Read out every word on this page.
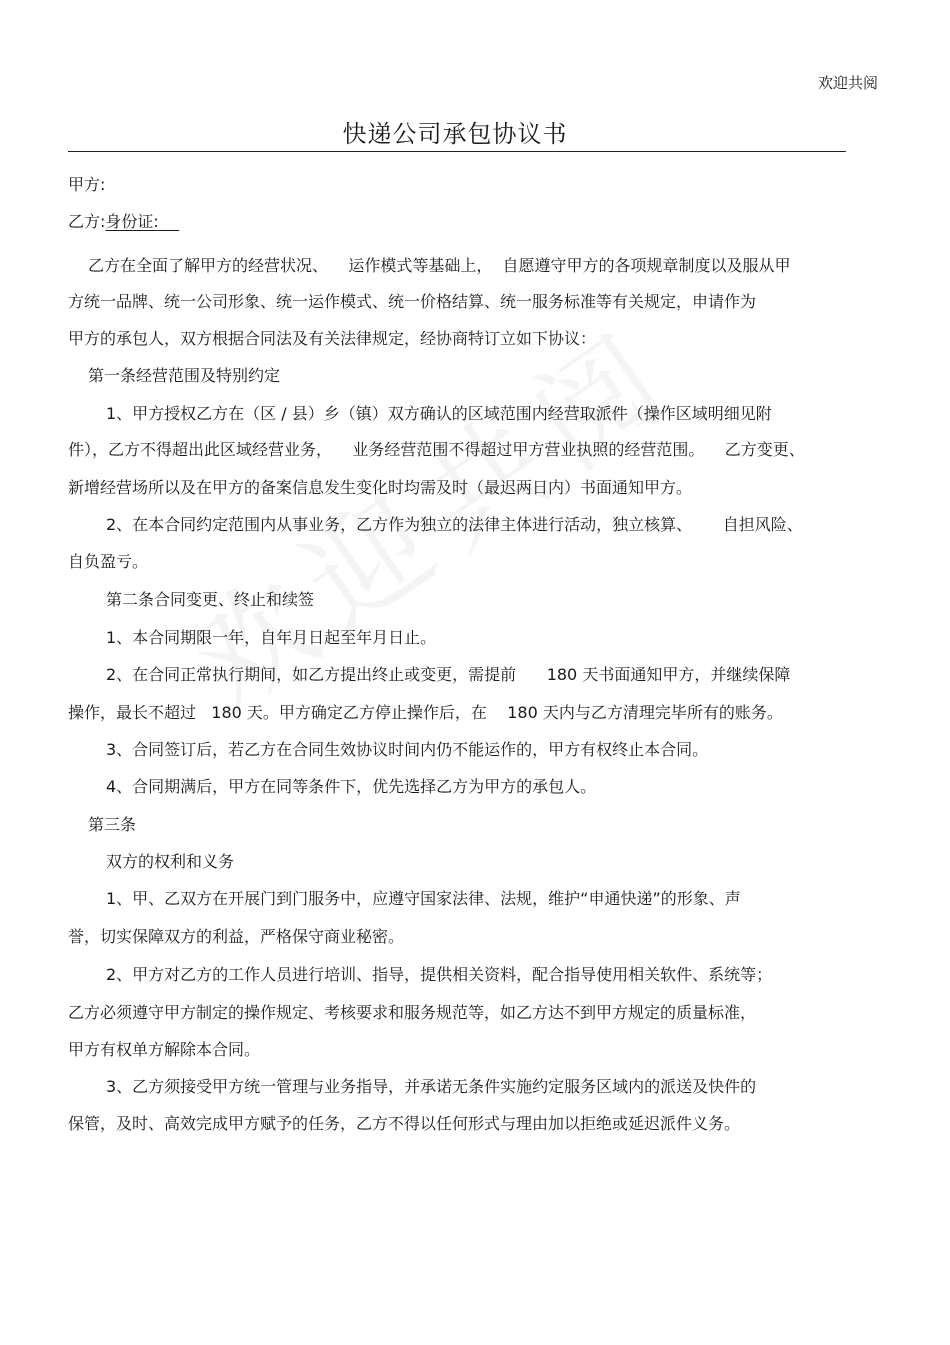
欢迎共阅
快递公司承包协议书
甲方:
乙方:身份证:
乙方在全面了解甲方的经营状况、    运作模式等基础上，  自愿遵守甲方的各项规章制度以及服从甲
方统一品牌、统一公司形象、统一运作模式、统一价格结算、统一服务标准等有关规定，申请作为
甲方的承包人，双方根据合同法及有关法律规定，经协商特订立如下协议：
第一条经营范围及特别约定
1、甲方授权乙方在（区 / 县）乡（镇）双方确认的区域范围内经营取派件（操作区域明细见附
件），乙方不得超出此区域经营业务，    业务经营范围不得超过甲方营业执照的经营范围。    乙方变更、
新增经营场所以及在甲方的备案信息发生变化时均需及时（最迟两日内）书面通知甲方。
2、在本合同约定范围内从事业务，乙方作为独立的法律主体进行活动，独立核算、      自担风险、
自负盈亏。
第二条合同变更、终止和续签
1、本合同期限一年，自年月日起至年月日止。
2、在合同正常执行期间，如乙方提出终止或变更，需提前      180 天书面通知甲方，并继续保障
操作，最长不超过   180 天。甲方确定乙方停止操作后，在    180 天内与乙方清理完毕所有的账务。
3、合同签订后，若乙方在合同生效协议时间内仍不能运作的，甲方有权终止本合同。
4、合同期满后，甲方在同等条件下，优先选择乙方为甲方的承包人。
第三条
双方的权利和义务
1、甲、乙双方在开展门到门服务中，应遵守国家法律、法规，维护“申通快递”的形象、声
誉，切实保障双方的利益，严格保守商业秘密。
2、甲方对乙方的工作人员进行培训、指导，提供相关资料，配合指导使用相关软件、系统等；
乙方必须遵守甲方制定的操作规定、考核要求和服务规范等，如乙方达不到甲方规定的质量标准，
甲方有权单方解除本合同。
3、乙方须接受甲方统一管理与业务指导，并承诺无条件实施约定服务区域内的派送及快件的
保管，及时、高效完成甲方赋予的任务，乙方不得以任何形式与理由加以拒绝或延迟派件义务。
